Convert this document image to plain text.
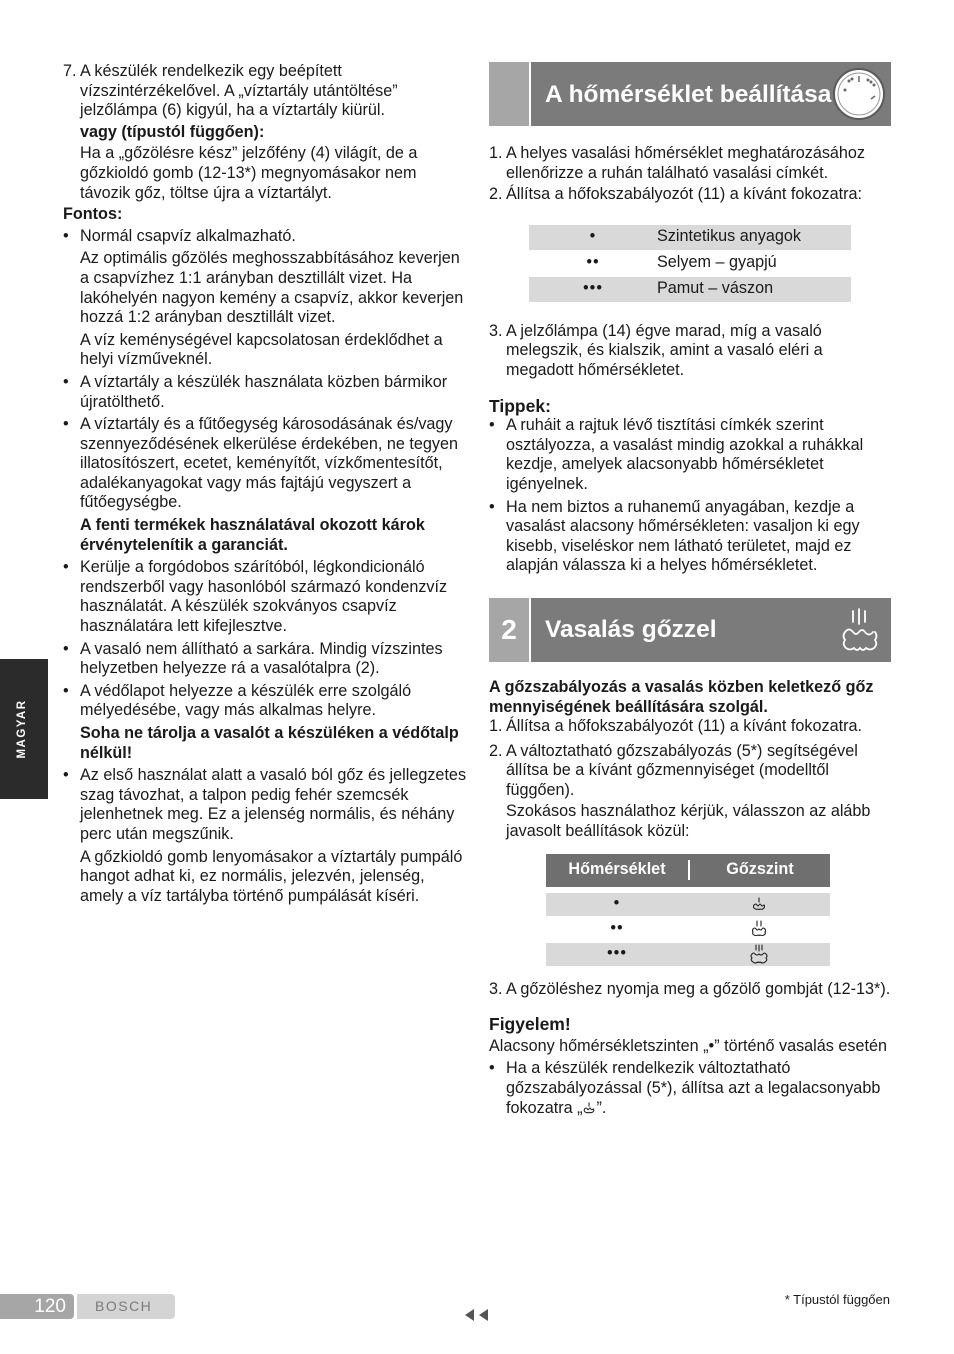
7. A készülék rendelkezik egy beépített vízszintérzékelővel. A „víztartály utántöltése” jelzőlámpa (6) kigyúl, ha a víztartály kiürül.

vagy (típustól függően):

Ha a „gőzölésre kész” jelzőfény (4) világít, de a gőzkioldó gomb (12-13*) megnyomásakor nem távozik gőz, töltse újra a víztartályt.

Fontos:

• Normál csapvíz alkalmazható.

Az optimális gőzölés meghosszabbításához keverjen a csapvízhez 1:1 arányban desztillált vizet. Ha lakóhelyén nagyon kemény a csapvíz, akkor keverjen hozzá 1:2 arányban desztillált vizet.

A víz keménységével kapcsolatosan érdeklődhet a helyi vízműveknél.

• A víztartály a készülék használata közben bármikor újratölthető.

• A víztartály és a fűtőegység károsodásának és/vagy szennyeződésének elkerülése érdekében, ne tegyen illatosítószert, ecetet, keményítőt, vízkőmentesítőt, adalékanyagokat vagy más fajtájú vegyszert a fűtőegységbe.

A fenti termékek használatával okozott károk érvénytelenítik a garanciát.

• Kerülje a forgódobos szárítóból, légkondicionáló rendszerből vagy hasonlóból származó kondenzvíz használatát. A készülék szokványos csapvíz használatára lett kifejlesztve.

• A vasaló nem állítható a sarkára. Mindig vízszintes helyzetben helyezze rá a vasalótalpra (2).

• A védőlapot helyezze a készülék erre szolgáló mélyedésébe, vagy más alkalmas helyre.

Soha ne tárolja a vasalót a készüléken a védőtalp nélkül!

• Az első használat alatt a vasaló ból gőz és jellegzetes szag távozhat, a talpon pedig fehér szemcsék jelenhetnek meg. Ez a jelenség normális, és néhány perc után megszűnik.

A gőzkioldó gomb lenyomásakor a víztartály pumpáló hangot adhat ki, ez normális, jelezvén, jelenség, amely a víz tartályba történő pumpálását kíséri.

A hőmérséklet beállítása
1. A helyes vasalási hőmérséklet meghatározásához ellenőrizze a ruhán található vasalási címkét.

2. Állítsa a hőfokszabályozót (11) a kívánt fokozatra:

•	Szintetikus anyagok
••	Selyem – gyapjú
•••	Pamut – vászon
3. A jelzőlámpa (14) égve marad, míg a vasaló melegszik, és kialszik, amint a vasaló eléri a megadott hőmérsékletet.

Tippek:
• A ruháit a rajtuk lévő tisztítási címkék szerint osztályozza, a vasalást mindig azokkal a ruhákkal kezdje, amelyek alacsonyabb hőmérsékletet igényelnek.

• Ha nem biztos a ruhanemű anyagában, kezdje a vasalást alacsony hőmérsékleten: vasaljon ki egy kisebb, viseléskor nem látható területet, majd ez alapján válassza ki a helyes hőmérsékletet.

2	Vasalás gőzzel

A gőzszabályozás a vasalás közben keletkező gőz mennyiségének beállítására szolgál.

1. Állítsa a hőfokszabályozót (11) a kívánt fokozatra.

2. A változtatható gőzszabályozás (5*) segítségével állítsa be a kívánt gőzmennyiséget (modelltől függően).

Szokásos használathoz kérjük, válasszon az alább javasolt beállítások közül:

Hőmérséklet	Gőzszint
•
••
•••
3. A gőzöléshez nyomja meg a gőzölő gombját (12-13*).

Figyelem!

Alacsony hőmérsékletszinten „•” történő vasalás esetén

• Ha a készülék rendelkezik változtatható gőzszabályozással (5*), állítsa azt a legalacsonyabb fokozatra „ ”.

MAGYAR
120	BOSCH	* Típustól függően
